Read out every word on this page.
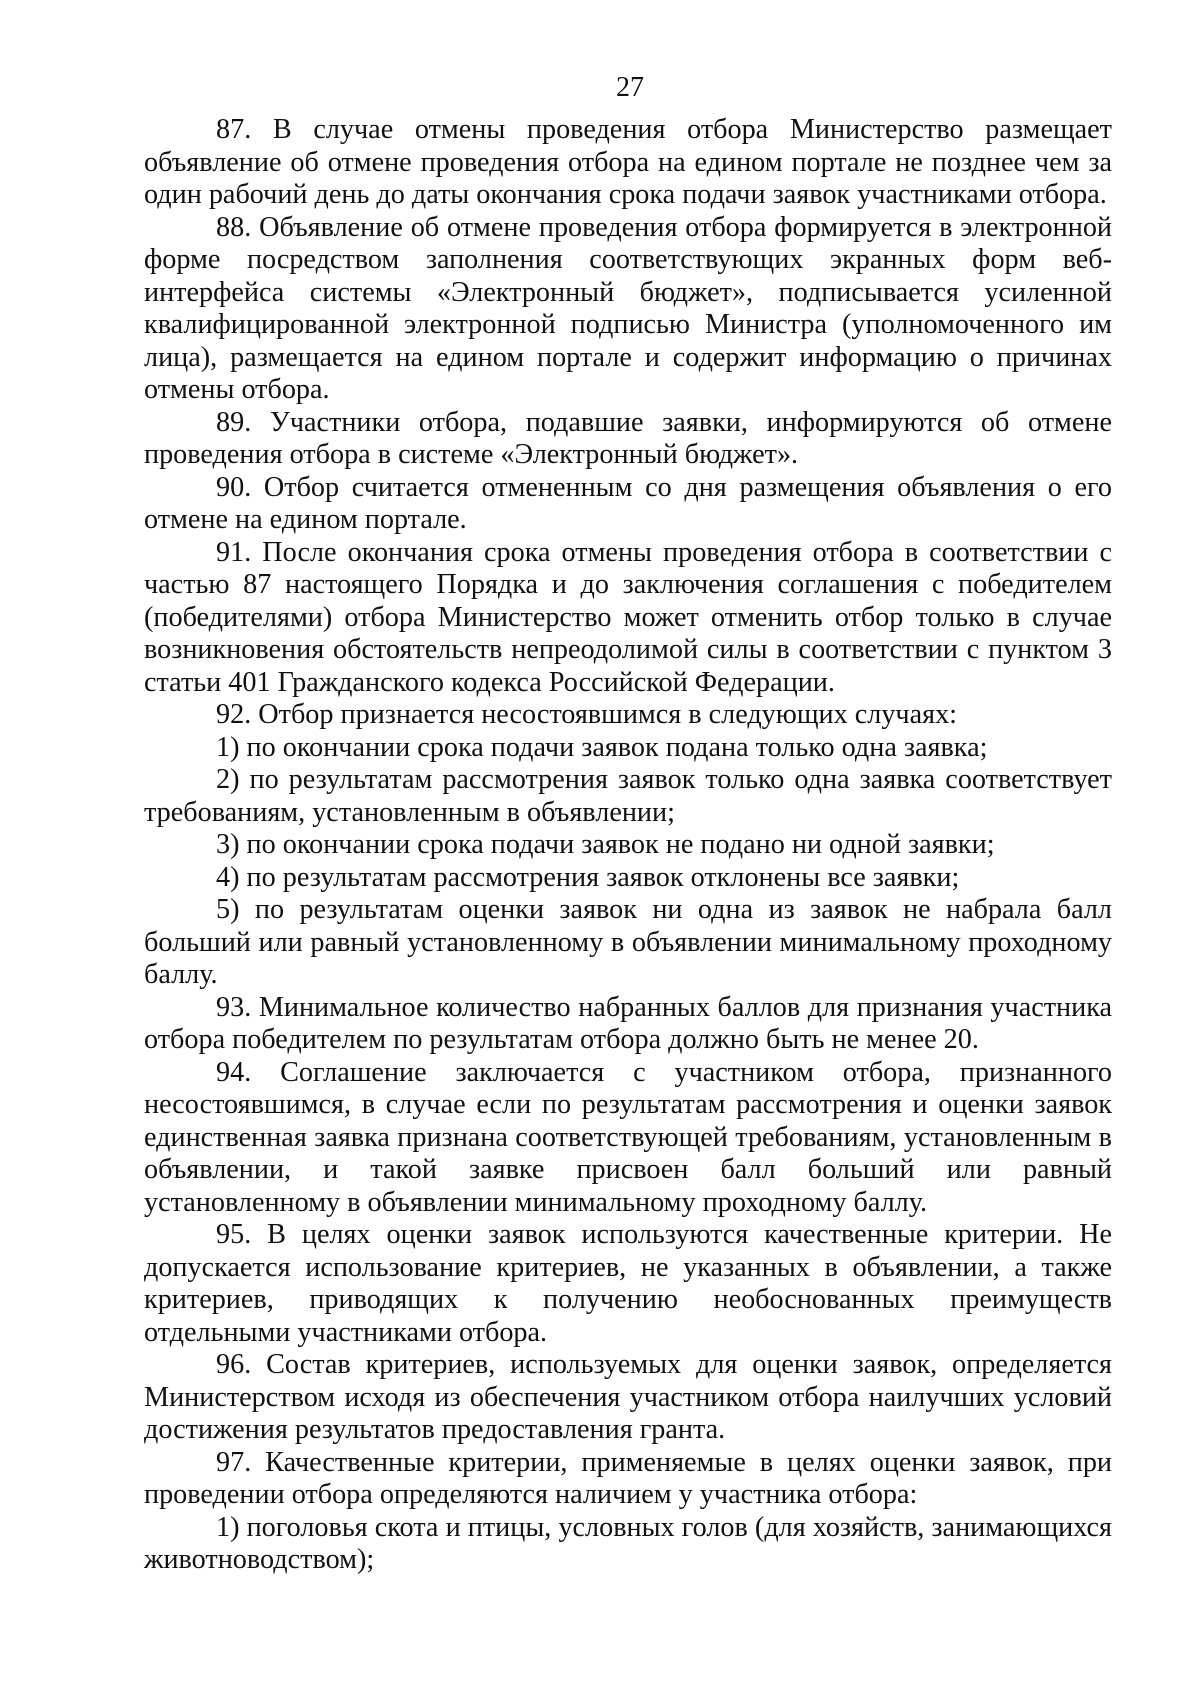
27

87. В случае отмены проведения отбора Министерство размещает объявление об отмене проведения отбора на едином портале не позднее чем за один рабочий день до даты окончания срока подачи заявок участниками отбора.

88. Объявление об отмене проведения отбора формируется в электронной форме посредством заполнения соответствующих экранных форм веб-интерфейса системы «Электронный бюджет», подписывается усиленной квалифицированной электронной подписью Министра (уполномоченного им лица), размещается на едином портале и содержит информацию о причинах отмены отбора.

89. Участники отбора, подавшие заявки, информируются об отмене проведения отбора в системе «Электронный бюджет».

90. Отбор считается отмененным со дня размещения объявления о его отмене на едином портале.

91. После окончания срока отмены проведения отбора в соответствии с частью 87 настоящего Порядка и до заключения соглашения с победителем (победителями) отбора Министерство может отменить отбор только в случае возникновения обстоятельств непреодолимой силы в соответствии с пунктом 3 статьи 401 Гражданского кодекса Российской Федерации.

92. Отбор признается несостоявшимся в следующих случаях:

1) по окончании срока подачи заявок подана только одна заявка;

2) по результатам рассмотрения заявок только одна заявка соответствует требованиям, установленным в объявлении;

3) по окончании срока подачи заявок не подано ни одной заявки;

4) по результатам рассмотрения заявок отклонены все заявки;

5) по результатам оценки заявок ни одна из заявок не набрала балл больший или равный установленному в объявлении минимальному проходному баллу.

93. Минимальное количество набранных баллов для признания участника отбора победителем по результатам отбора должно быть не менее 20.

94. Соглашение заключается с участником отбора, признанного несостоявшимся, в случае если по результатам рассмотрения и оценки заявок единственная заявка признана соответствующей требованиям, установленным в объявлении, и такой заявке присвоен балл больший или равный установленному в объявлении минимальному проходному баллу.

95. В целях оценки заявок используются качественные критерии. Не допускается использование критериев, не указанных в объявлении, а также критериев, приводящих к получению необоснованных преимуществ отдельными участниками отбора.

96. Состав критериев, используемых для оценки заявок, определяется Министерством исходя из обеспечения участником отбора наилучших условий достижения результатов предоставления гранта.

97. Качественные критерии, применяемые в целях оценки заявок, при проведении отбора определяются наличием у участника отбора:

1) поголовья скота и птицы, условных голов (для хозяйств, занимающихся животноводством);
